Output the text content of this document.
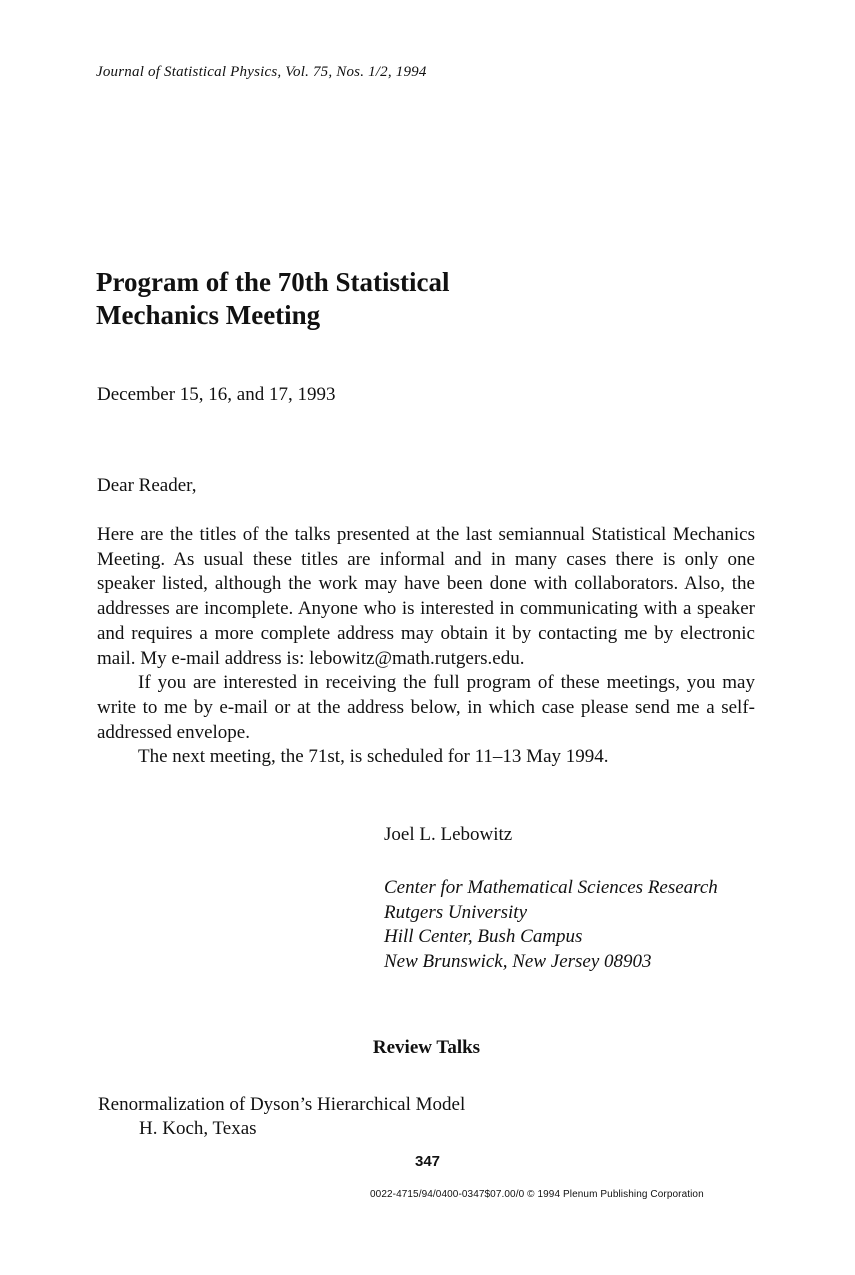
Journal of Statistical Physics, Vol. 75, Nos. 1/2, 1994
Program of the 70th Statistical
Mechanics Meeting
December 15, 16, and 17, 1993
Dear Reader,

Here are the titles of the talks presented at the last semiannual Statistical Mechanics Meeting. As usual these titles are informal and in many cases there is only one speaker listed, although the work may have been done with collaborators. Also, the addresses are incomplete. Anyone who is interested in communicating with a speaker and requires a more complete address may obtain it by contacting me by electronic mail. My e-mail address is: lebowitz@math.rutgers.edu.

If you are interested in receiving the full program of these meetings, you may write to me by e-mail or at the address below, in which case please send me a self-addressed envelope.

The next meeting, the 71st, is scheduled for 11–13 May 1994.

Joel L. Lebowitz
Center for Mathematical Sciences Research
Rutgers University
Hill Center, Bush Campus
New Brunswick, New Jersey 08903
Review Talks
Renormalization of Dyson’s Hierarchical Model
H. Koch, Texas
347
0022-4715/94/0400-0347$07.00/0 © 1994 Plenum Publishing Corporation
